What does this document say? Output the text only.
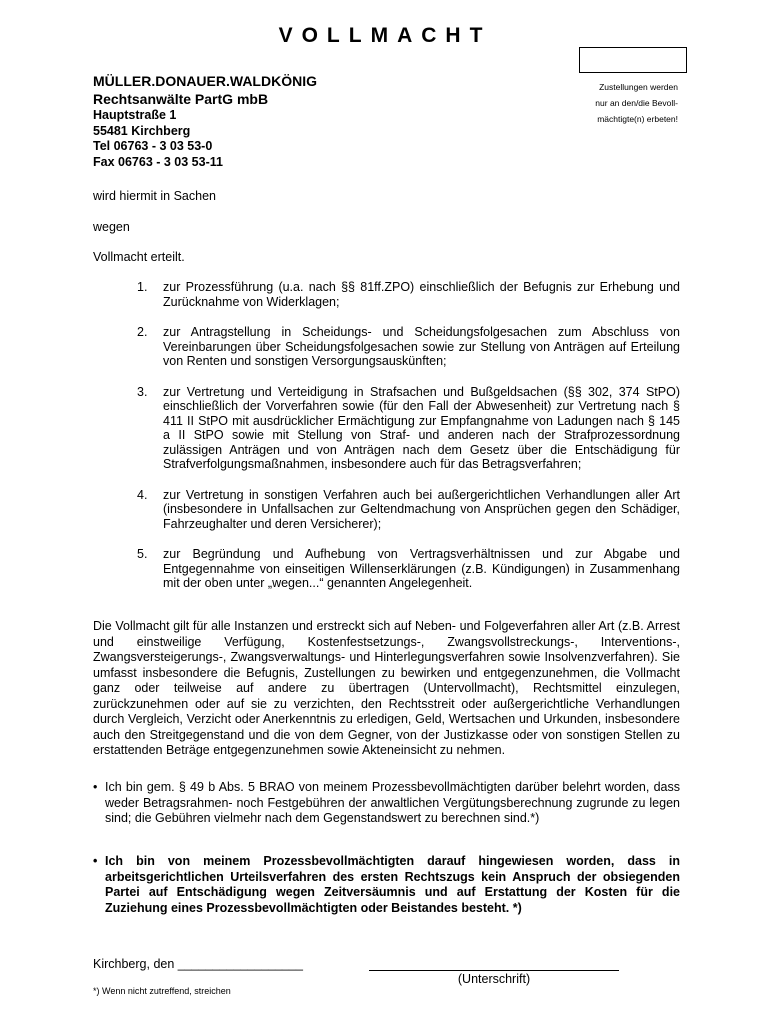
VOLLMACHT
Zustellungen werden
nur an den/die Bevoll-
mächtigte(n) erbeten!
MÜLLER.DONAUER.WALDKÖNIG
Rechtsanwälte PartG mbB
Hauptstraße 1
55481 Kirchberg
Tel 06763 - 3 03 53-0
Fax 06763 - 3 03 53-11
wird hiermit in Sachen
wegen
Vollmacht erteilt.
1. zur Prozessführung (u.a. nach §§ 81ff.ZPO) einschließlich der Befugnis zur Erhebung und Zurücknahme von Widerklagen;
2. zur Antragstellung in Scheidungs- und Scheidungsfolgesachen zum Abschluss von Vereinbarungen über Scheidungsfolgesachen sowie zur Stellung von Anträgen auf Erteilung von Renten und sonstigen Versorgungsauskünften;
3. zur Vertretung und Verteidigung in Strafsachen und Bußgeldsachen (§§ 302, 374 StPO) einschließlich der Vorverfahren sowie (für den Fall der Abwesenheit) zur Vertretung nach § 411 II StPO mit ausdrücklicher Ermächtigung zur Empfangnahme von Ladungen nach § 145 a II StPO sowie mit Stellung von Straf- und anderen nach der Strafprozessordnung zulässigen Anträgen und von Anträgen nach dem Gesetz über die Entschädigung für Strafverfolgungsmaßnahmen, insbesondere auch für das Betragsverfahren;
4. zur Vertretung in sonstigen Verfahren auch bei außergerichtlichen Verhandlungen aller Art (insbesondere in Unfallsachen zur Geltendmachung von Ansprüchen gegen den Schädiger, Fahrzeughalter und deren Versicherer);
5. zur Begründung und Aufhebung von Vertragsverhältnissen und zur Abgabe und Entgegennahme von einseitigen Willenserklärungen (z.B. Kündigungen) in Zusammenhang mit der oben unter „wegen...“ genannten Angelegenheit.
Die Vollmacht gilt für alle Instanzen und erstreckt sich auf Neben- und Folgeverfahren aller Art (z.B. Arrest und einstweilige Verfügung, Kostenfestsetzungs-, Zwangsvollstreckungs-, Interventions-, Zwangsversteigerungs-, Zwangsverwaltungs- und Hinterlegungsverfahren sowie Insolvenzverfahren). Sie umfasst insbesondere die Befugnis, Zustellungen zu bewirken und entgegenzunehmen, die Vollmacht ganz oder teilweise auf andere zu übertragen (Untervollmacht), Rechtsmittel einzulegen, zurückzunehmen oder auf sie zu verzichten, den Rechtsstreit oder außergerichtliche Verhandlungen durch Vergleich, Verzicht oder Anerkenntnis zu erledigen, Geld, Wertsachen und Urkunden, insbesondere auch den Streitgegenstand und die von dem Gegner, von der Justizkasse oder von sonstigen Stellen zu erstattenden Beträge entgegenzunehmen sowie Akteneinsicht zu nehmen.
• Ich bin gem. § 49 b Abs. 5 BRAO von meinem Prozessbevollmächtigten darüber belehrt worden, dass weder Betragsrahmen- noch Festgebühren der anwaltlichen Vergütungsberechnung zugrunde zu legen sind; die Gebühren vielmehr nach dem Gegenstandswert zu berechnen sind.*)
• Ich bin von meinem Prozessbevollmächtigten darauf hingewiesen worden, dass in arbeitsgerichtlichen Urteilsverfahren des ersten Rechtszugs kein Anspruch der obsiegenden Partei auf Entschädigung wegen Zeitversäumnis und auf Erstattung der Kosten für die Zuziehung eines Prozessbevollmächtigten oder Beistandes besteht. *)
Kirchberg, den __________________
(Unterschrift)
*) Wenn nicht zutreffend, streichen
